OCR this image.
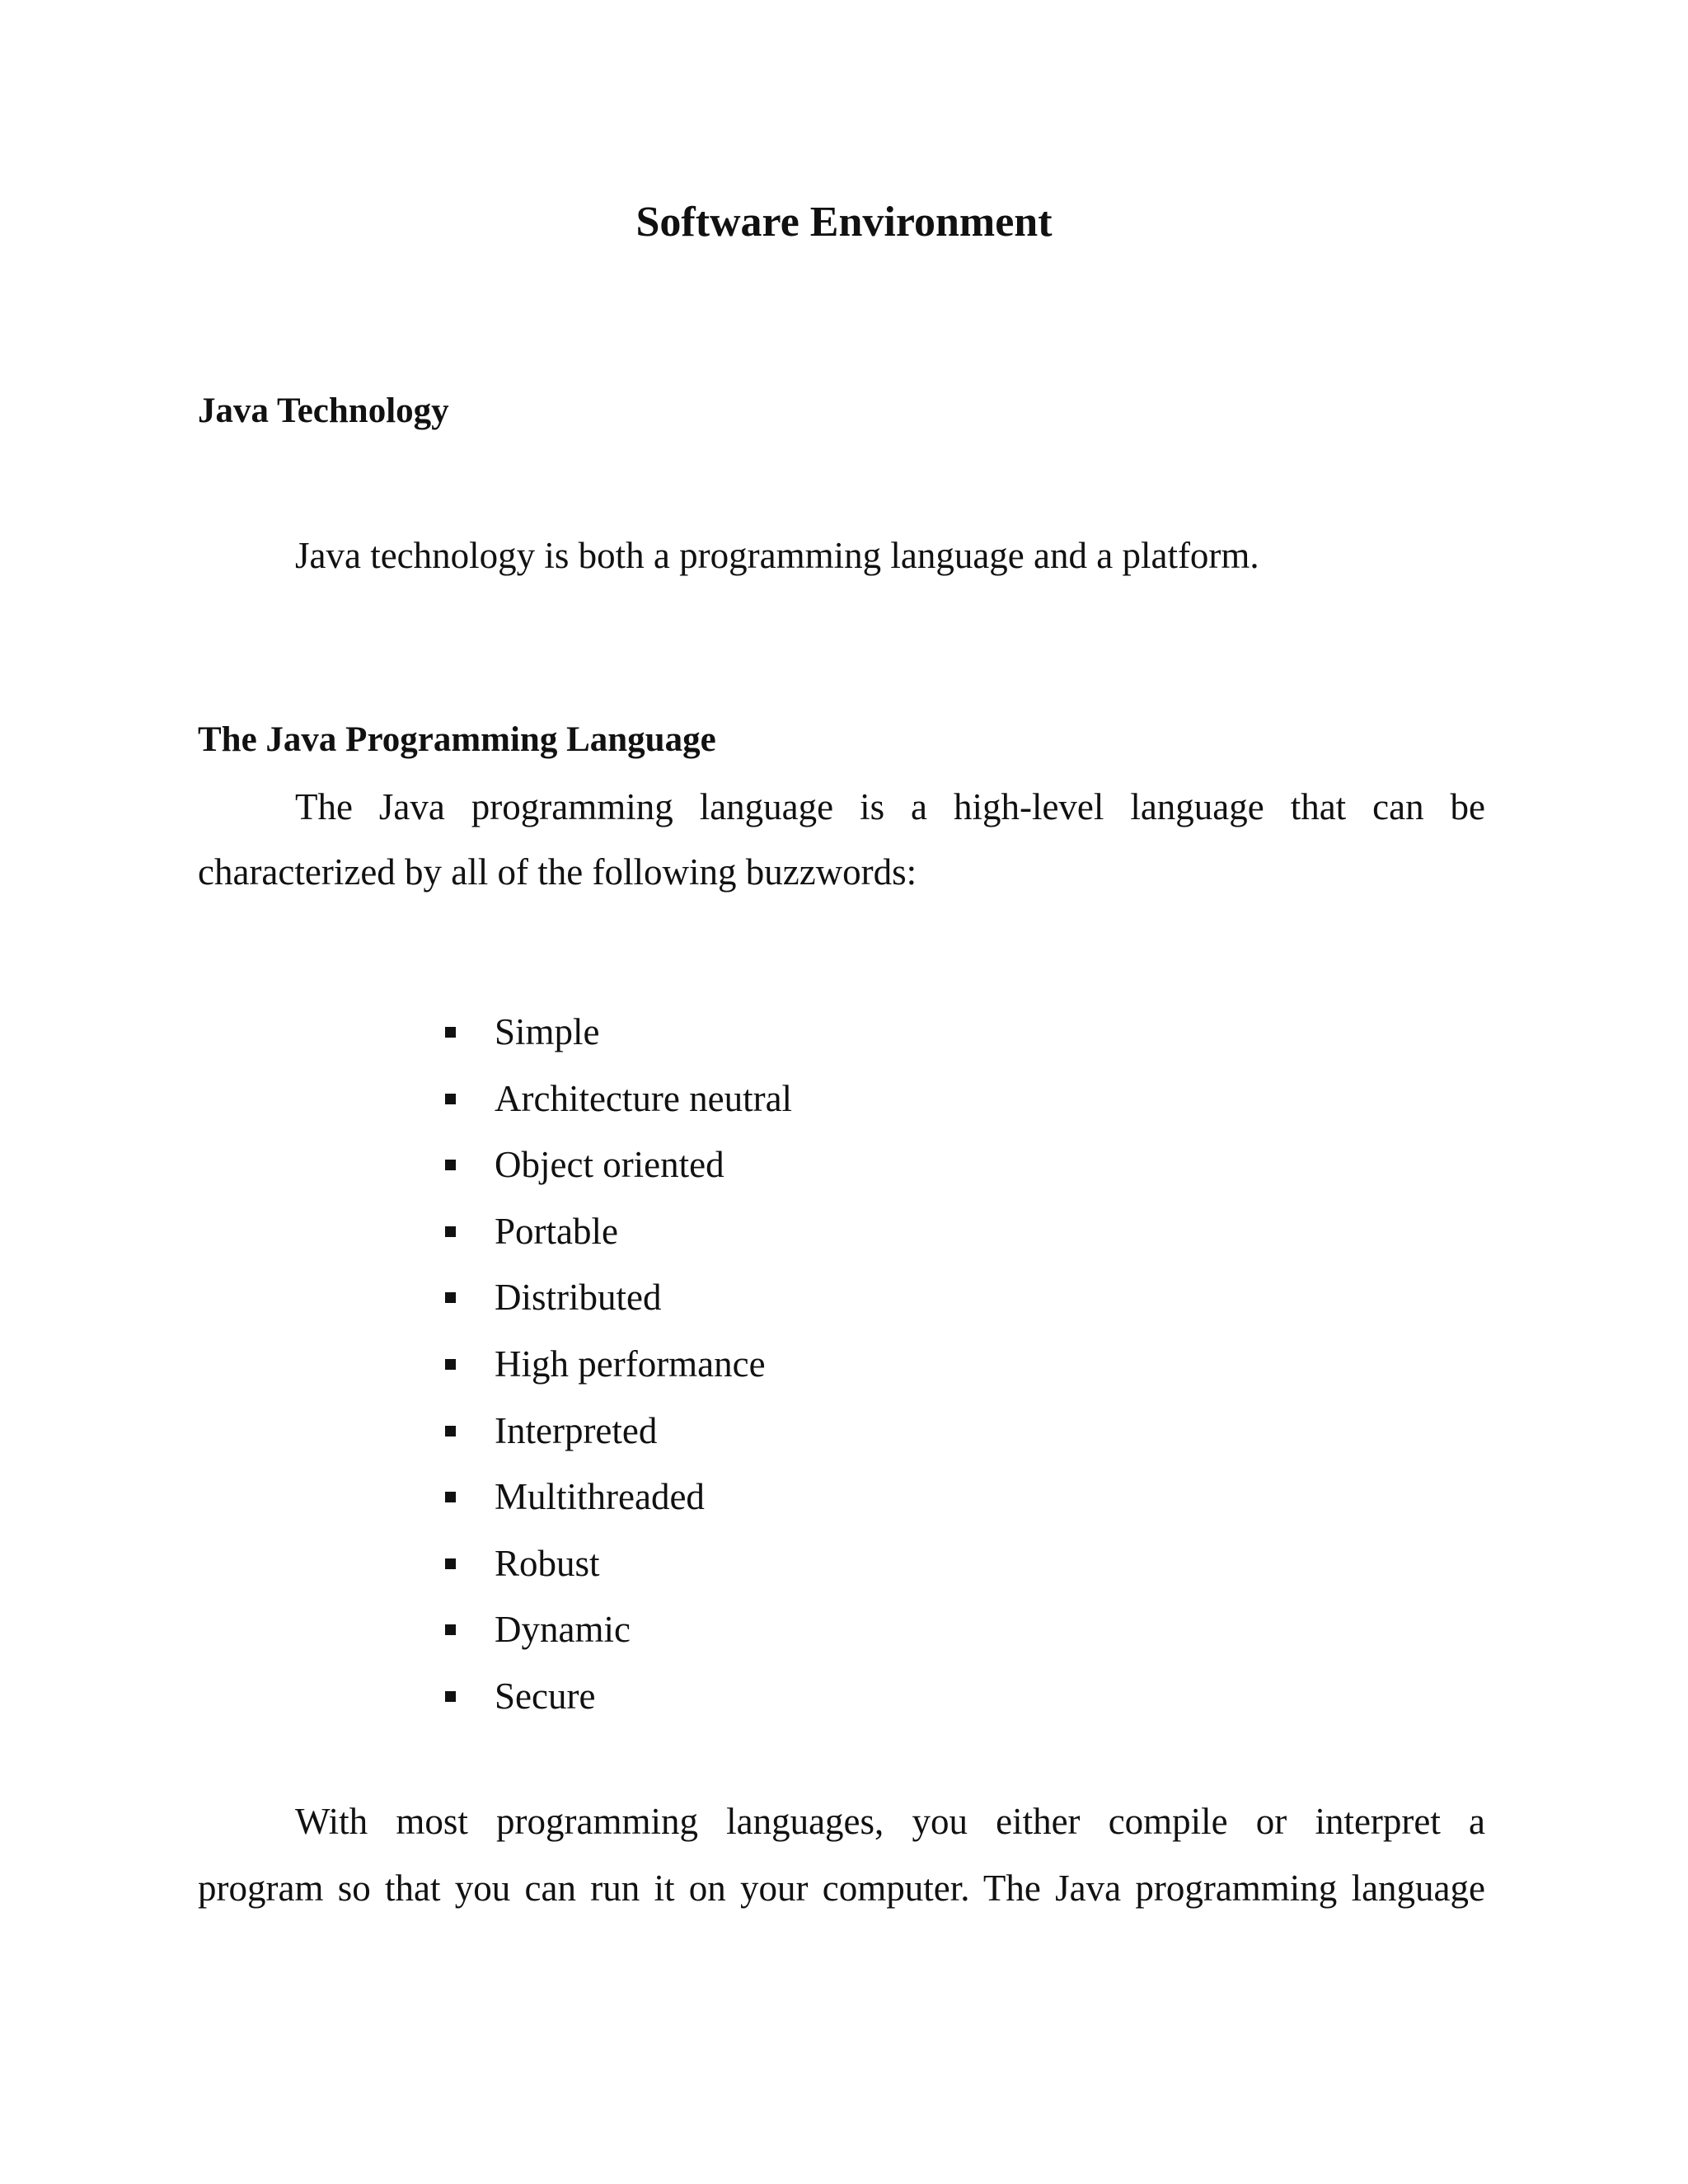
Software Environment
Java Technology
Java technology is both a programming language and a platform.
The Java Programming Language
The Java programming language is a high-level language that can be
characterized by all of the following buzzwords:
Simple
Architecture neutral
Object oriented
Portable
Distributed
High performance
Interpreted
Multithreaded
Robust
Dynamic
Secure
With most programming languages, you either compile or interpret a
program so that you can run it on your computer. The Java programming language
